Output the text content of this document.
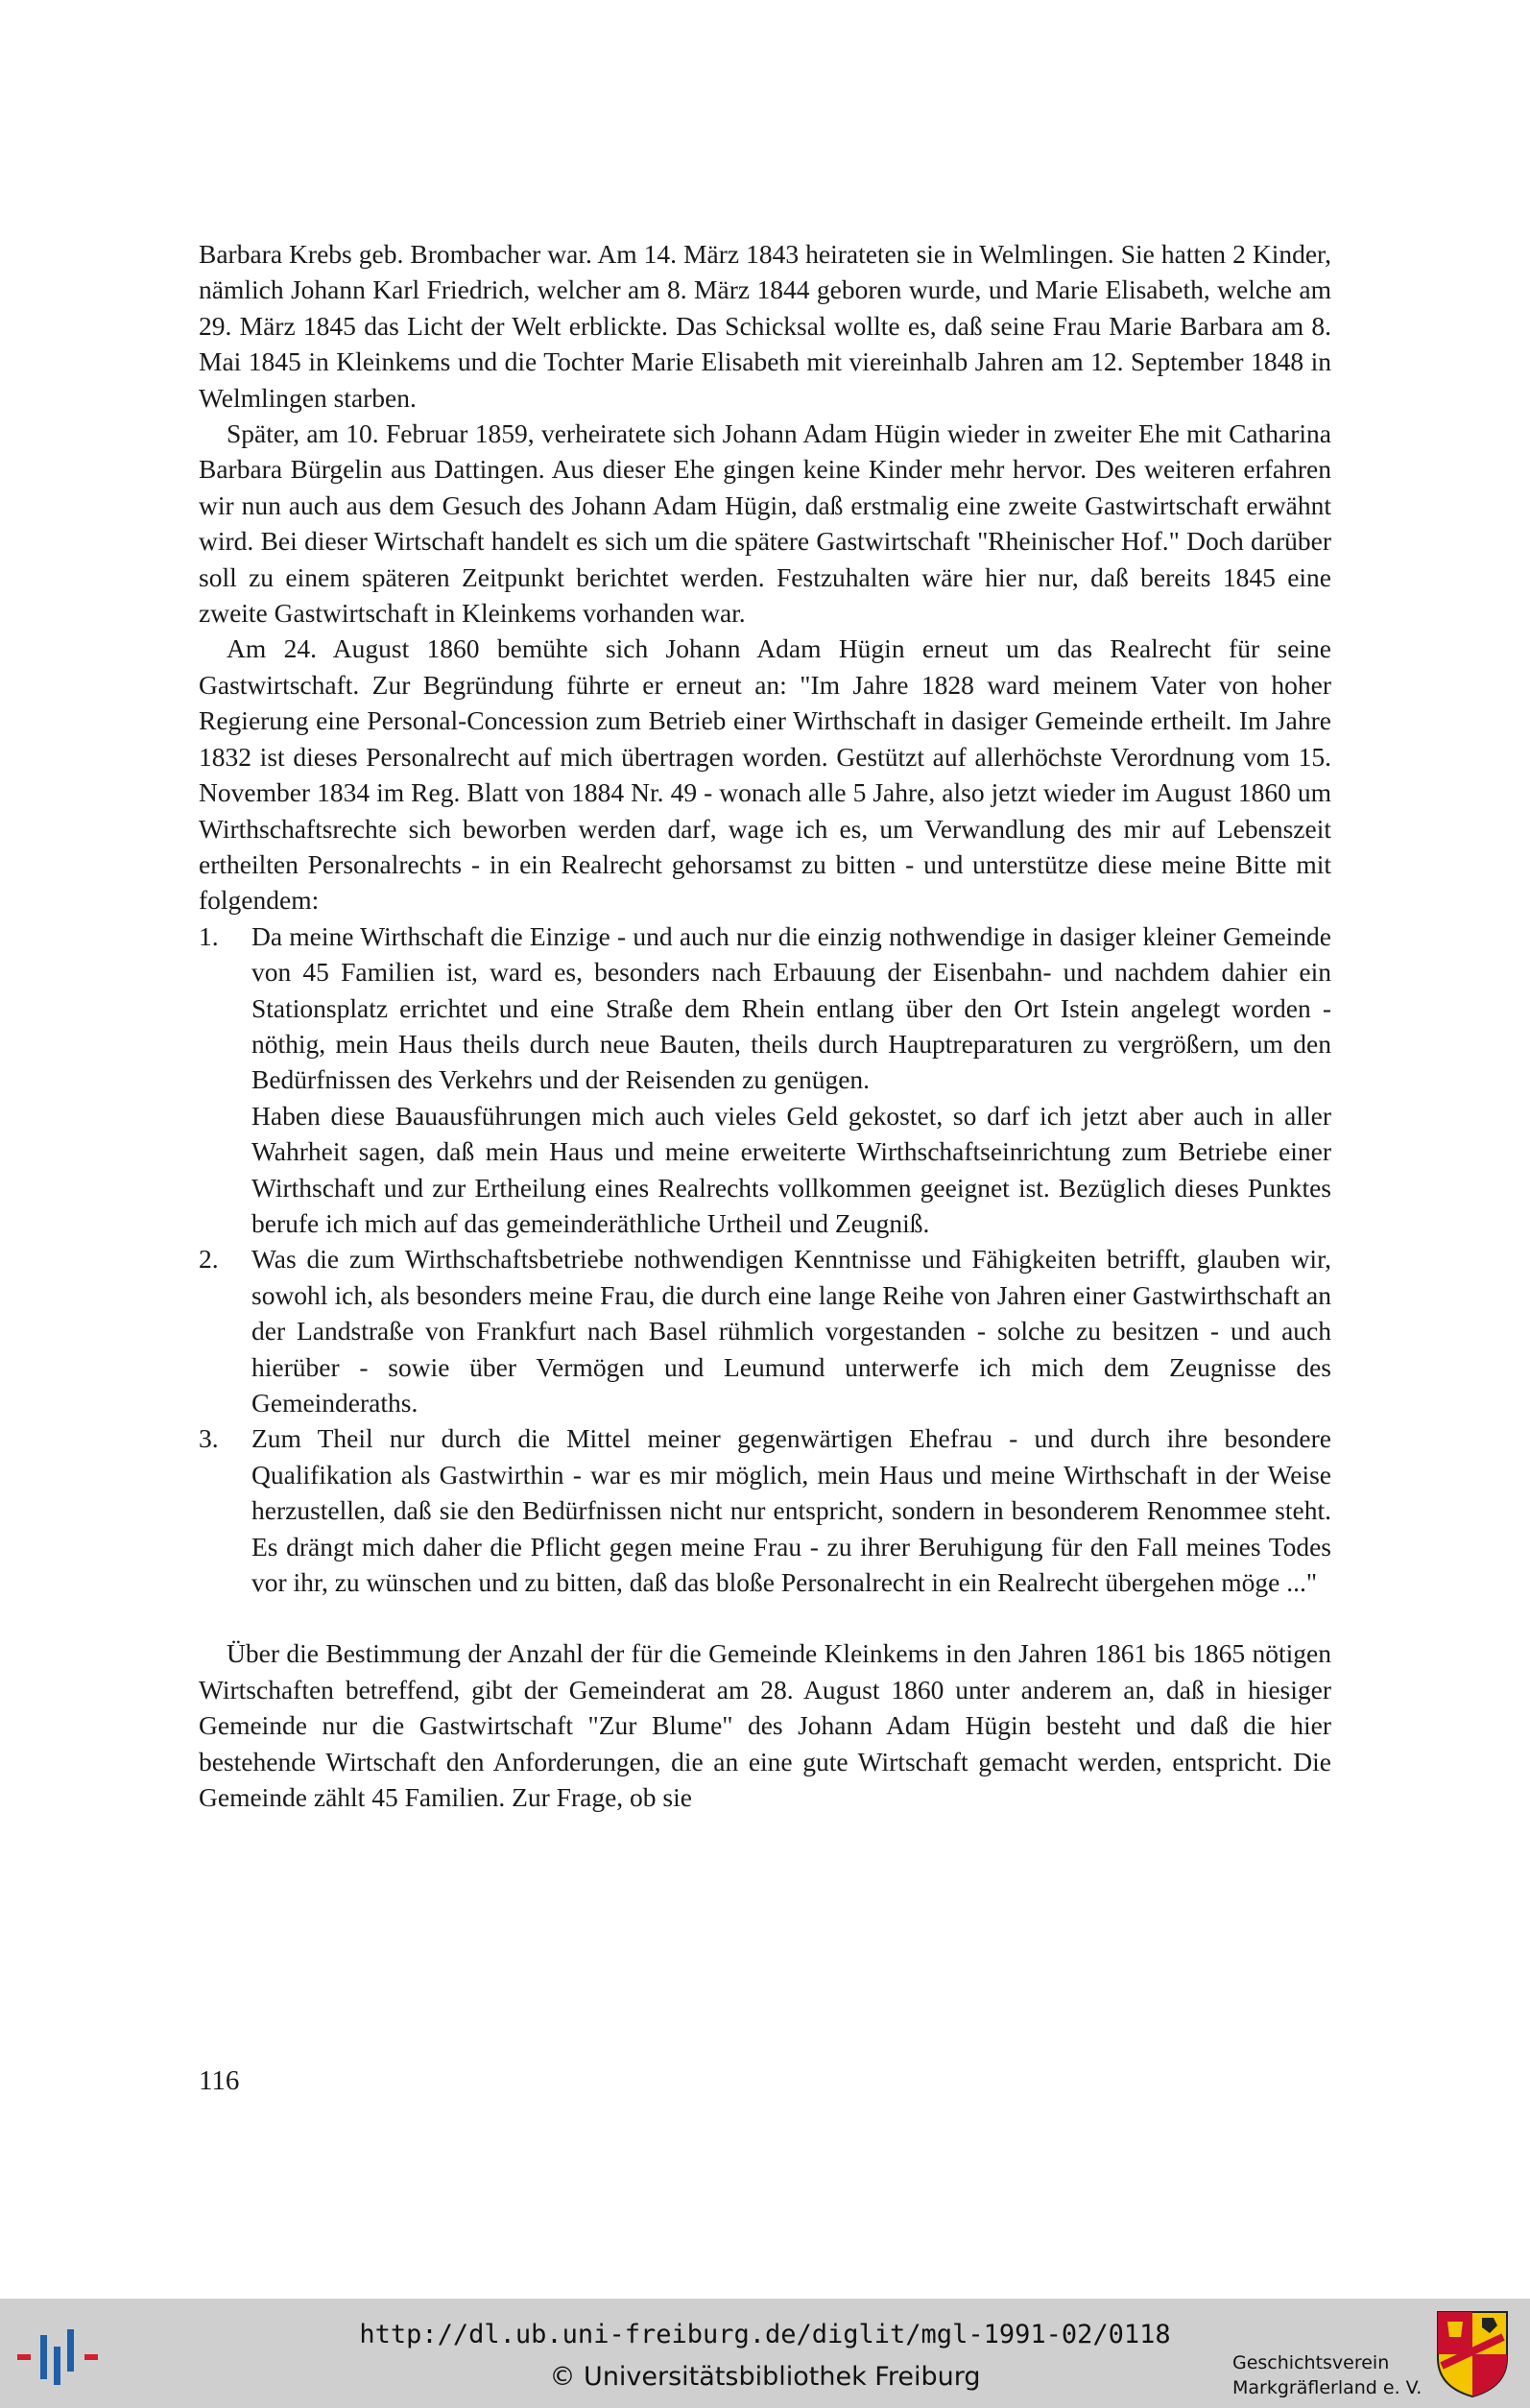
Barbara Krebs geb. Brombacher war. Am 14. März 1843 heirateten sie in Welmlingen. Sie hatten 2 Kinder, nämlich Johann Karl Friedrich, welcher am 8. März 1844 geboren wurde, und Marie Elisabeth, welche am 29. März 1845 das Licht der Welt erblickte. Das Schicksal wollte es, daß seine Frau Marie Barbara am 8. Mai 1845 in Kleinkems und die Tochter Marie Elisabeth mit viereinhalb Jahren am 12. September 1848 in Welmlingen starben.

Später, am 10. Februar 1859, verheiratete sich Johann Adam Hügin wieder in zweiter Ehe mit Catharina Barbara Bürgelin aus Dattingen. Aus dieser Ehe gingen keine Kinder mehr hervor. Des weiteren erfahren wir nun auch aus dem Gesuch des Johann Adam Hügin, daß erstmalig eine zweite Gastwirtschaft erwähnt wird. Bei dieser Wirtschaft handelt es sich um die spätere Gastwirtschaft "Rheinischer Hof." Doch darüber soll zu einem späteren Zeitpunkt berichtet werden. Festzuhalten wäre hier nur, daß bereits 1845 eine zweite Gastwirtschaft in Kleinkems vorhanden war.

Am 24. August 1860 bemühte sich Johann Adam Hügin erneut um das Realrecht für seine Gastwirtschaft. Zur Begründung führte er erneut an: "Im Jahre 1828 ward meinem Vater von hoher Regierung eine Personal-Concession zum Betrieb einer Wirthschaft in dasiger Gemeinde ertheilt. Im Jahre 1832 ist dieses Personalrecht auf mich übertragen worden. Gestützt auf allerhöchste Verordnung vom 15. November 1834 im Reg. Blatt von 1884 Nr. 49 - wonach alle 5 Jahre, also jetzt wieder im August 1860 um Wirthschaftsrechte sich beworben werden darf, wage ich es, um Verwandlung des mir auf Lebenszeit ertheilten Personalrechts - in ein Realrecht gehorsamst zu bitten - und unterstütze diese meine Bitte mit folgendem:

1. Da meine Wirthschaft die Einzige - und auch nur die einzig nothwendige in dasiger kleiner Gemeinde von 45 Familien ist, ward es, besonders nach Erbauung der Eisenbahn- und nachdem dahier ein Stationsplatz errichtet und eine Straße dem Rhein entlang über den Ort Istein angelegt worden - nöthig, mein Haus theils durch neue Bauten, theils durch Hauptreparaturen zu vergrößern, um den Bedürfnissen des Verkehrs und der Reisenden zu genügen.

Haben diese Bauausführungen mich auch vieles Geld gekostet, so darf ich jetzt aber auch in aller Wahrheit sagen, daß mein Haus und meine erweiterte Wirthschaftseinrichtung zum Betriebe einer Wirthschaft und zur Ertheilung eines Realrechts vollkommen geeignet ist. Bezüglich dieses Punktes berufe ich mich auf das gemeinderäthliche Urtheil und Zeugniß.

2. Was die zum Wirthschaftsbetriebe nothwendigen Kenntnisse und Fähigkeiten betrifft, glauben wir, sowohl ich, als besonders meine Frau, die durch eine lange Reihe von Jahren einer Gastwirthschaft an der Landstraße von Frankfurt nach Basel rühmlich vorgestanden - solche zu besitzen - und auch hierüber - sowie über Vermögen und Leumund unterwerfe ich mich dem Zeugnisse des Gemeinderaths.

3. Zum Theil nur durch die Mittel meiner gegenwärtigen Ehefrau - und durch ihre besondere Qualifikation als Gastwirthin - war es mir möglich, mein Haus und meine Wirthschaft in der Weise herzustellen, daß sie den Bedürfnissen nicht nur entspricht, sondern in besonderem Renommee steht. Es drängt mich daher die Pflicht gegen meine Frau - zu ihrer Beruhigung für den Fall meines Todes vor ihr, zu wünschen und zu bitten, daß das bloße Personalrecht in ein Realrecht übergehen möge ..."

Über die Bestimmung der Anzahl der für die Gemeinde Kleinkems in den Jahren 1861 bis 1865 nötigen Wirtschaften betreffend, gibt der Gemeinderat am 28. August 1860 unter anderem an, daß in hiesiger Gemeinde nur die Gastwirtschaft "Zur Blume" des Johann Adam Hügin besteht und daß die hier bestehende Wirtschaft den Anforderungen, die an eine gute Wirtschaft gemacht werden, entspricht. Die Gemeinde zählt 45 Familien. Zur Frage, ob sie

116
http://dl.ub.uni-freiburg.de/diglit/mgl-1991-02/0118
© Universitätsbibliothek Freiburg	Geschichtsverein
Markgräflerland e. V.
